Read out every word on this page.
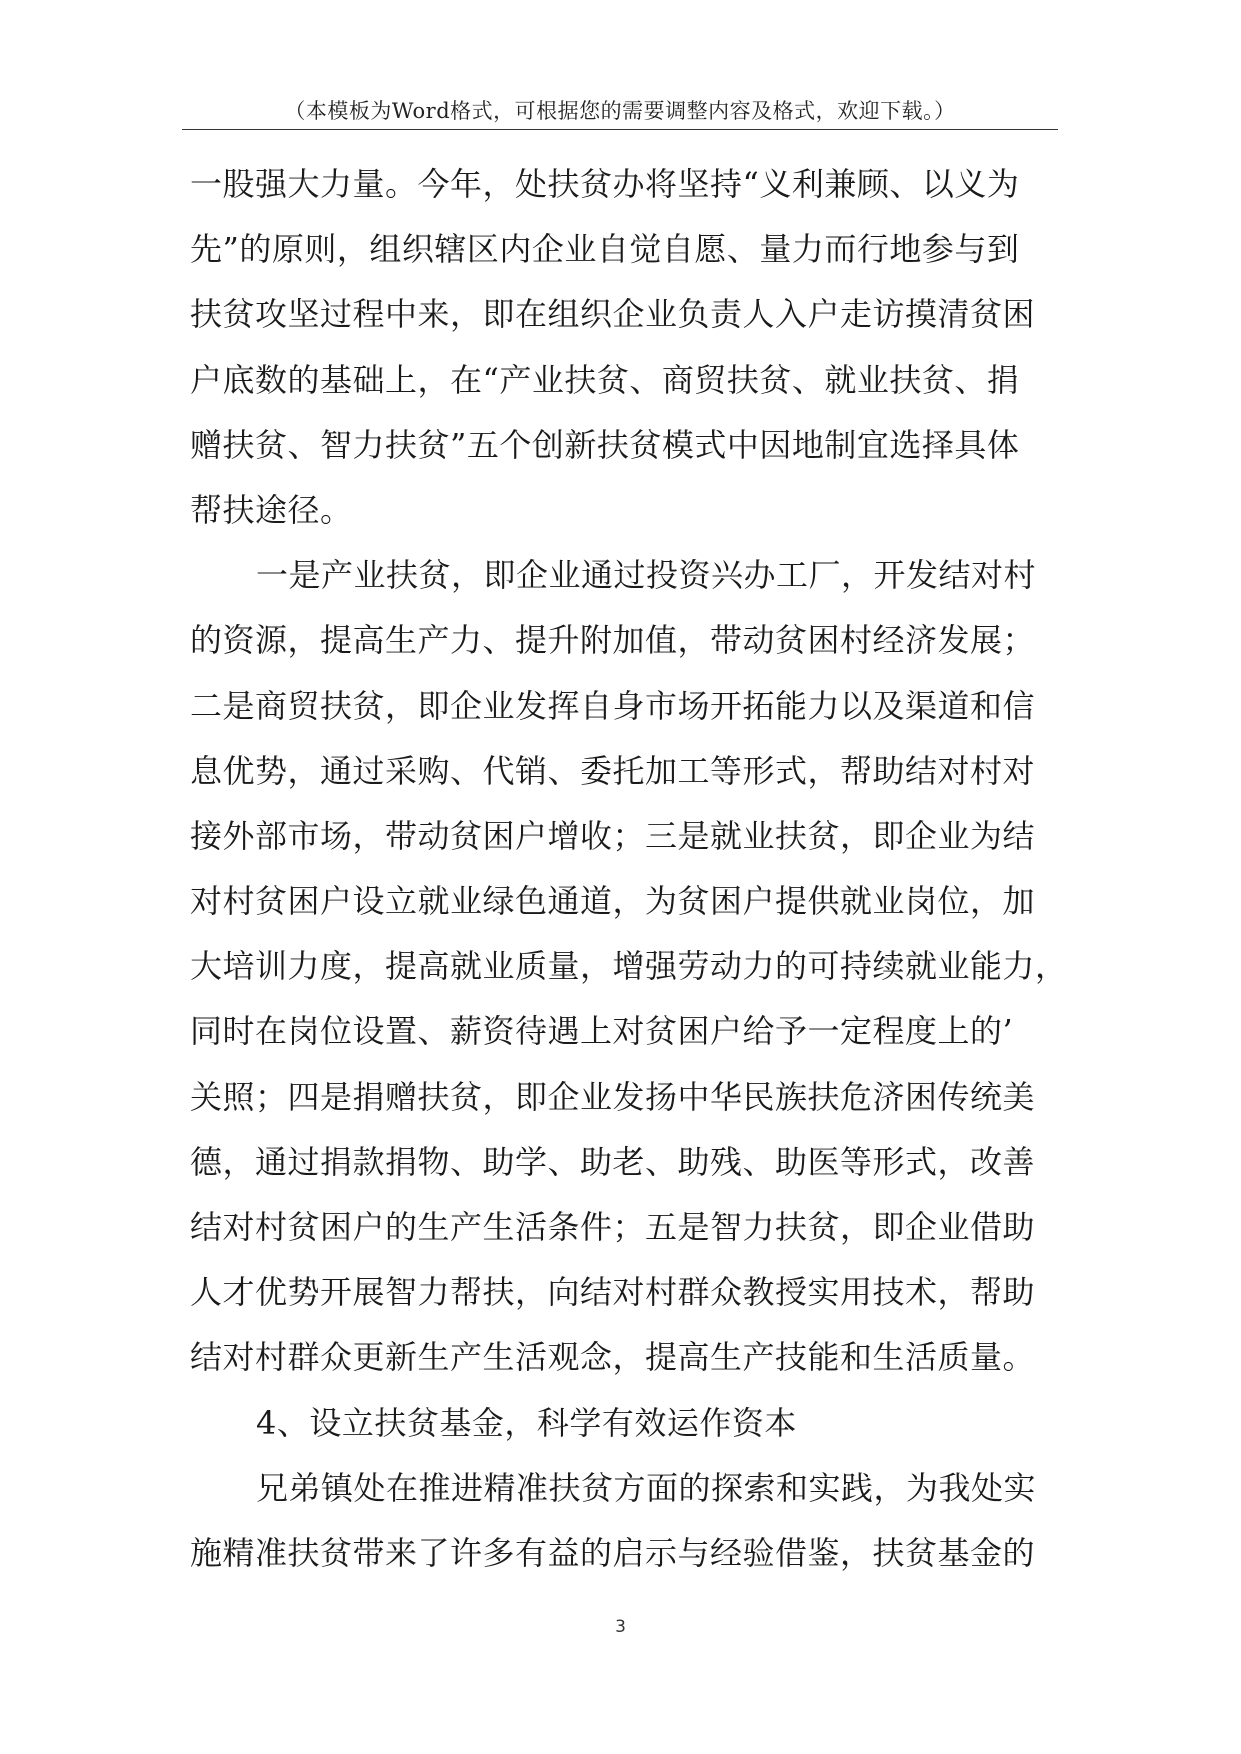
（本模板为Word格式，可根据您的需要调整内容及格式，欢迎下载。）
一股强大力量。今年，处扶贫办将坚持“义利兼顾、以义为
先”的原则，组织辖区内企业自觉自愿、量力而行地参与到
扶贫攻坚过程中来，即在组织企业负责人入户走访摸清贫困
户底数的基础上，在“产业扶贫、商贸扶贫、就业扶贫、捐
赠扶贫、智力扶贫”五个创新扶贫模式中因地制宜选择具体
帮扶途径。
一是产业扶贫，即企业通过投资兴办工厂，开发结对村
的资源，提高生产力、提升附加值，带动贫困村经济发展；
二是商贸扶贫，即企业发挥自身市场开拓能力以及渠道和信
息优势，通过采购、代销、委托加工等形式，帮助结对村对
接外部市场，带动贫困户增收；三是就业扶贫，即企业为结
对村贫困户设立就业绿色通道，为贫困户提供就业岗位，加
大培训力度，提高就业质量，增强劳动力的可持续就业能力，
同时在岗位设置、薪资待遇上对贫困户给予一定程度上的’
关照；四是捐赠扶贫，即企业发扬中华民族扶危济困传统美
德，通过捐款捐物、助学、助老、助残、助医等形式，改善
结对村贫困户的生产生活条件；五是智力扶贫，即企业借助
人才优势开展智力帮扶，向结对村群众教授实用技术，帮助
结对村群众更新生产生活观念，提高生产技能和生活质量。
4、设立扶贫基金，科学有效运作资本
兄弟镇处在推进精准扶贫方面的探索和实践，为我处实
施精准扶贫带来了许多有益的启示与经验借鉴，扶贫基金的
3
